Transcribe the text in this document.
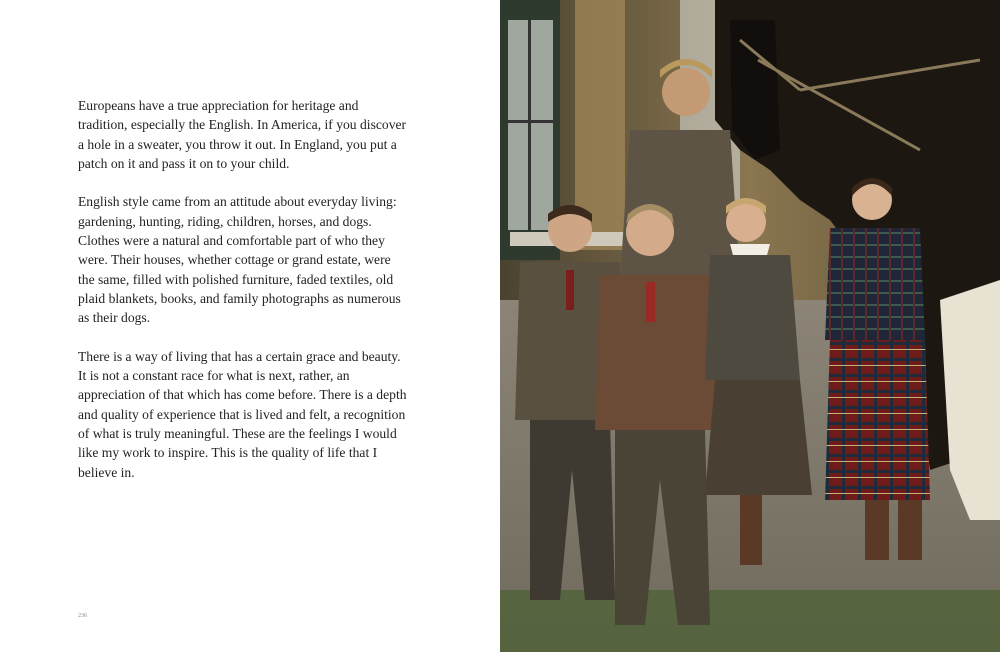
Europeans have a true appreciation for heritage and tradition, especially the English. In America, if you discover a hole in a sweater, you throw it out. In England, you put a patch on it and pass it on to your child.

English style came from an attitude about everyday living: gardening, hunting, riding, children, horses, and dogs. Clothes were a natural and comfortable part of who they were. Their houses, whether cottage or grand estate, were the same, filled with polished furniture, faded textiles, old plaid blankets, books, and family photographs as numerous as their dogs.

There is a way of living that has a certain grace and beauty. It is not a constant race for what is next, rather, an appreciation of that which has come before. There is a depth and quality of experience that is lived and felt, a recognition of what is truly meaningful. These are the feelings I would like my work to inspire. This is the quality of life that I believe in.

236
